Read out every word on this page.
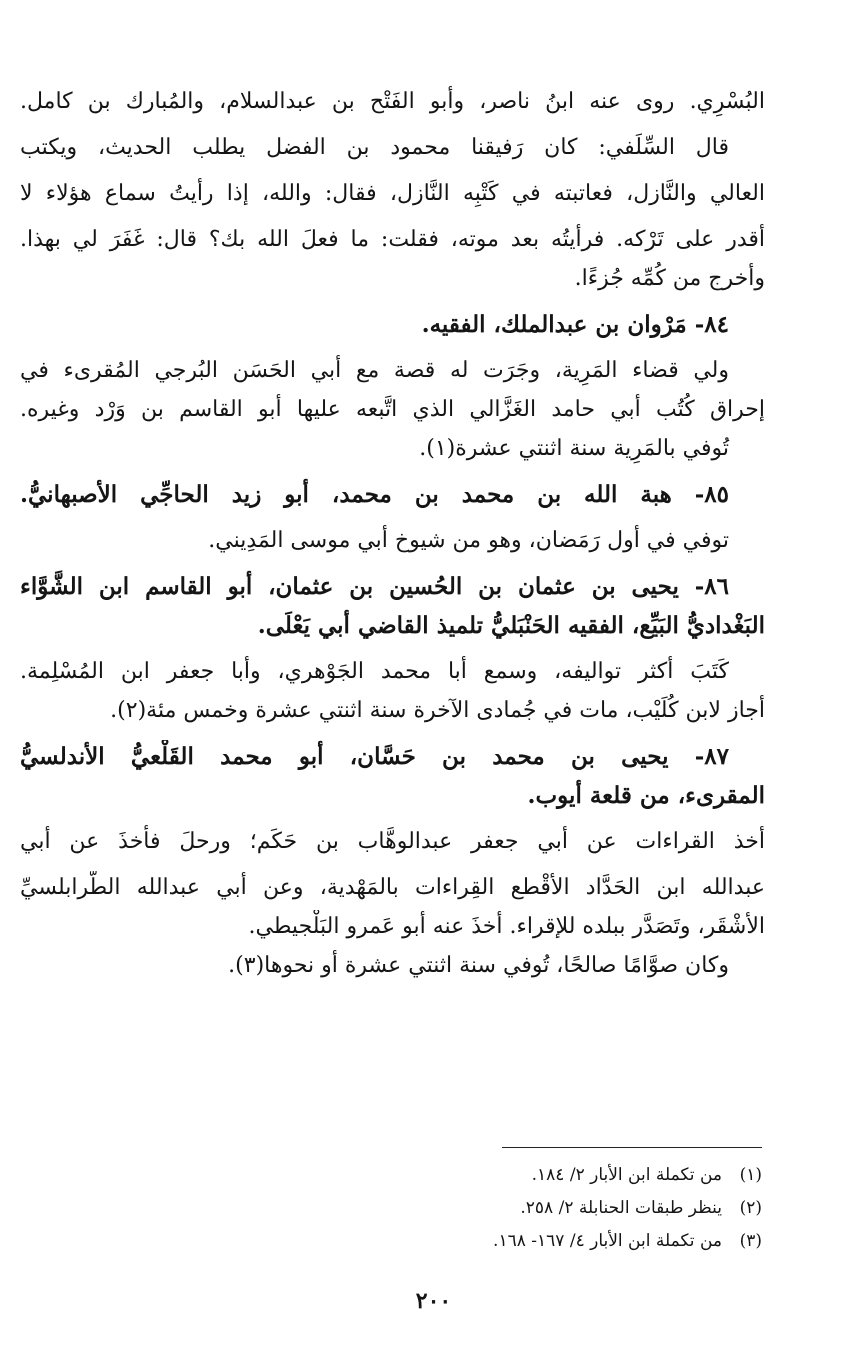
البُسْرِي. روى عنه ابنُ ناصر، وأبو الفَتْح بن عبدالسلام، والمُبارك بن كامل.
قال السِّلَفي: كان رَفيقنا محمود بن الفضل يطلب الحديث، ويكتب
العالي والنَّازل، فعاتبته في كَتْبِه النَّازل، فقال: والله، إذا رأيتُ سماع هؤلاء لا
أقدر على تَرْكه. فرأيتُه بعد موته، فقلت: ما فعلَ الله بك؟ قال: غَفَرَ لي بهذا.
وأخرج من كُمِّه جُزءًا.
٨٤- مَرْوان بن عبدالملك، الفقيه.
ولي قضاء المَرِية، وجَرَت له قصة مع أبي الحَسَن البُرجي المُقرىء في
إحراق كُتُب أبي حامد الغَزَّالي الذي اتَّبعه عليها أبو القاسم بن وَرْد وغيره.
تُوفي بالمَرِية سنة اثنتي عشرة(١).
٨٥- هبة الله بن محمد بن محمد، أبو زيد الحاجِّي الأصبهانيُّ.
توفي في أول رَمَضان، وهو من شيوخ أبي موسى المَدِيني.
٨٦- يحيى بن عثمان بن الحُسين بن عثمان، أبو القاسم ابن الشَّوَّاء
البَغْداديُّ البَيِّع، الفقيه الحَنْبَليُّ تلميذ القاضي أبي يَعْلَى.
كَتَبَ أكثر تواليفه، وسمع أبا محمد الجَوْهري، وأبا جعفر ابن المُسْلِمة.
أجاز لابن كُلَيْب، مات في جُمادى الآخرة سنة اثنتي عشرة وخمس مئة(٢).
٨٧- يحيى بن محمد بن حَسَّان، أبو محمد القَلْعيُّ الأندلسيُّ
المقرىء، من قلعة أيوب.
أخذ القراءات عن أبي جعفر عبدالوهَّاب بن حَكَم؛ ورحلَ فأخذَ عن أبي
عبدالله ابن الحَدَّاد الأقْطع القِراءات بالمَهْدية، وعن أبي عبدالله الطَّرابلسيِّ
الأشْقَر، وتَصَدَّر ببلده للإقراء. أخذَ عنه أبو عَمرو البَلْجيطي.
وكان صوَّامًا صالحًا، تُوفي سنة اثنتي عشرة أو نحوها(٣).
(١)من تكملة ابن الأبار ٢/ ١٨٤.
(٢)ينظر طبقات الحنابلة ٢/ ٢٥٨.
(٣)من تكملة ابن الأبار ٤/ ١٦٧- ١٦٨.
٢٠٠
